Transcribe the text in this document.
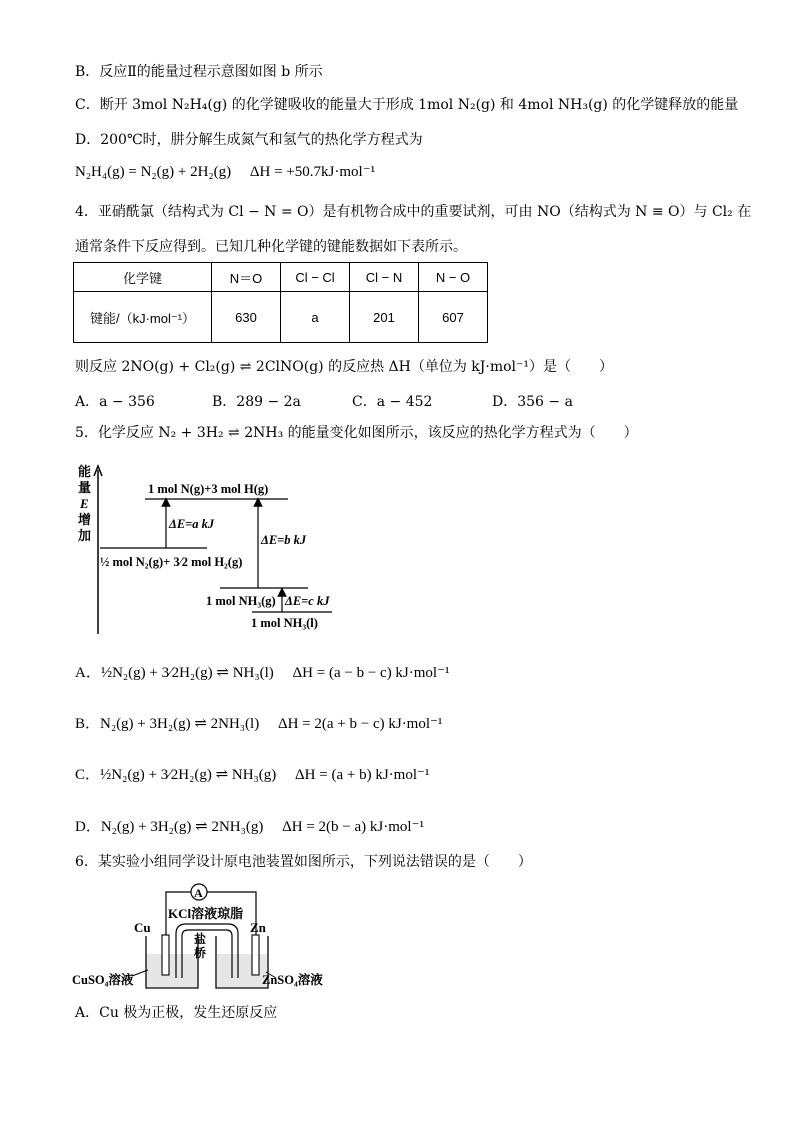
B．反应Ⅱ的能量过程示意图如图 b 所示
C．断开 3mol N₂H₄(g) 的化学键吸收的能量大于形成 1mol N₂(g) 和 4mol NH₃(g) 的化学键释放的能量
D．200℃时，肼分解生成氮气和氢气的热化学方程式为
N₂H₄(g) = N₂(g) + 2H₂(g)　 ΔH = +50.7kJ·mol⁻¹
4．亚硝酰氯（结构式为 Cl − N = O）是有机物合成中的重要试剂，可由 NO（结构式为 N ≡ O）与 Cl₂ 在
通常条件下反应得到。已知几种化学键的键能数据如下表所示。
化学键	N＝O	Cl − Cl	Cl − N	N − O
键能/（kJ·mol⁻¹）	630	a	201	607
则反应 2NO(g) + Cl₂(g) ⇌ 2ClNO(g) 的反应热 ΔH（单位为 kJ·mol⁻¹）是（　　）
A．a − 356	B．289 − 2a	C．a − 452	D．356 − a
5．化学反应 N₂ + 3H₂ ⇌ 2NH₃ 的能量变化如图所示，该反应的热化学方程式为（　　）
能
量
E
增
加
1 mol N(g)+3 mol H(g)
½ mol N₂(g)+ 3⁄2 mol H₂(g)
ΔE=a kJ
1 mol NH₃(g)
ΔE=b kJ
1 mol NH₃(l)
ΔE=c kJ
A．½N₂(g) + 3⁄2H₂(g) ⇌ NH₃(l)　 ΔH = (a − b − c) kJ·mol⁻¹
B．N₂(g) + 3H₂(g) ⇌ 2NH₃(l)　 ΔH = 2(a + b − c) kJ·mol⁻¹
C．½N₂(g) + 3⁄2H₂(g) ⇌ NH₃(g)　 ΔH = (a + b) kJ·mol⁻¹
D．N₂(g) + 3H₂(g) ⇌ 2NH₃(g)　 ΔH = 2(b − a) kJ·mol⁻¹
6．某实验小组同学设计原电池装置如图所示，下列说法错误的是（　　）
A
KCl溶液琼脂
盐
桥
Cu	Zn
CuSO₄溶液	ZnSO₄溶液
A．Cu 极为正极，发生还原反应
